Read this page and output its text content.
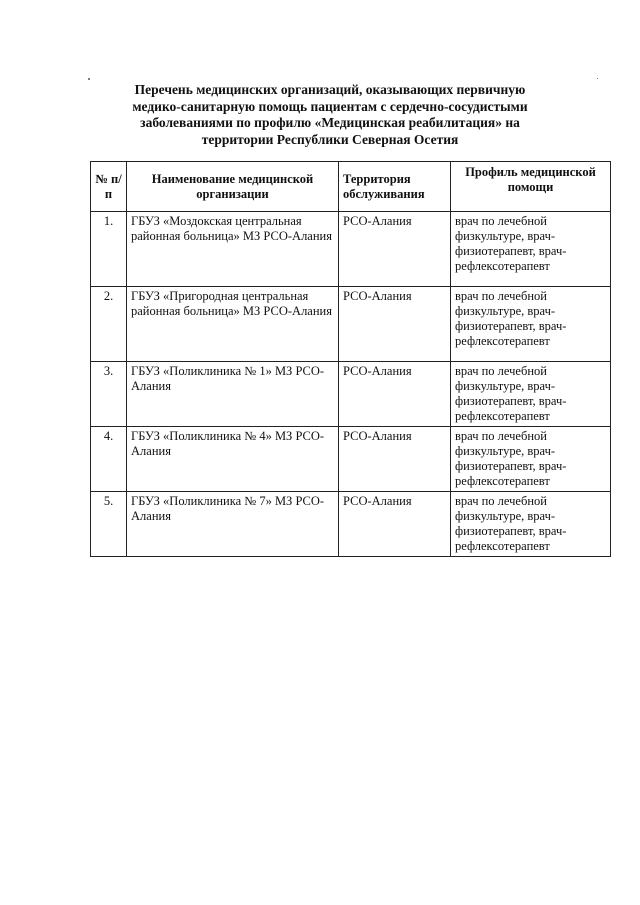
Перечень медицинских организаций, оказывающих первичную
медико-санитарную помощь пациентам с сердечно-сосудистыми
заболеваниями по профилю «Медицинская реабилитация» на
территории Республики Северная Осетия
№ п/п	Наименование медицинской организации	Территория обслуживания	Профиль медицинской помощи
1.	ГБУЗ «Моздокская центральная районная больница» МЗ РСО-Алания	РСО-Алания	врач по лечебной физкультуре, врач-физиотерапевт, врач-рефлексотерапевт
2.	ГБУЗ «Пригородная центральная районная больница» МЗ РСО-Алания	РСО-Алания	врач по лечебной физкультуре, врач-физиотерапевт, врач-рефлексотерапевт
3.	ГБУЗ «Поликлиника № 1» МЗ РСО-Алания	РСО-Алания	врач по лечебной физкультуре, врач-физиотерапевт, врач-рефлексотерапевт
4.	ГБУЗ «Поликлиника № 4» МЗ РСО-Алания	РСО-Алания	врач по лечебной физкультуре, врач-физиотерапевт, врач-рефлексотерапевт
5.	ГБУЗ «Поликлиника № 7» МЗ РСО-Алания	РСО-Алания	врач по лечебной физкультуре, врач-физиотерапевт, врач-рефлексотерапевт
